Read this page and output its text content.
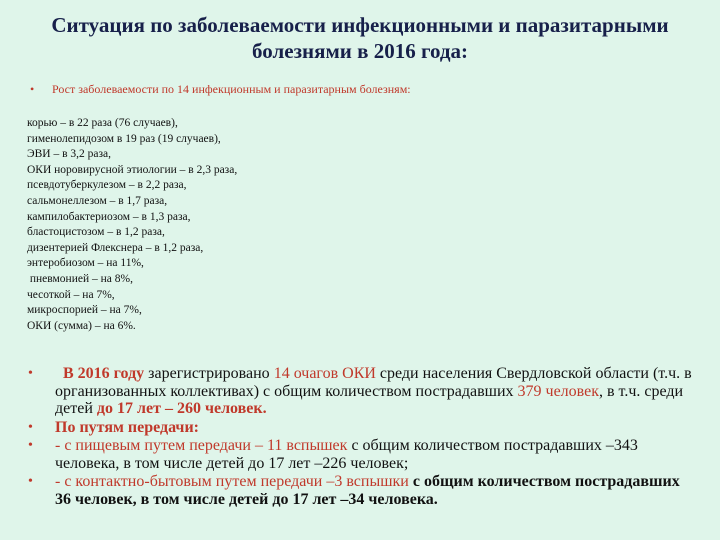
Ситуация по заболеваемости инфекционными и паразитарными
болезнями в 2016 года:
• Рост заболеваемости по 14 инфекционным и паразитарным болезням:
корью – в 22 раза (76 случаев),
гименолепидозом в 19 раз (19 случаев),
ЭВИ – в 3,2 раза,
ОКИ норовирусной этиологии – в 2,3 раза,
псевдотуберкулезом – в 2,2 раза,
сальмонеллезом – в 1,7 раза,
кампилобактериозом – в 1,3 раза,
бластоцистозом – в 1,2 раза,
дизентерией Флекснера – в 1,2 раза,
энтеробиозом – на 11%,
пневмонией – на 8%,
чесоткой – на 7%,
микроспорией – на 7%,
ОКИ (сумма) – на 6%.
• В 2016 году зарегистрировано 14 очагов ОКИ среди населения Свердловской области (т.ч. в организованных коллективах) с общим количеством пострадавших 379 человек, в т.ч. среди детей до 17 лет – 260 человек.
• По путям передачи:
• - с пищевым путем передачи – 11 вспышек с общим количеством пострадавших –343 человека, в том числе детей до 17 лет –226 человек;
• - с контактно-бытовым путем передачи –3 вспышки с общим количеством пострадавших 36 человек, в том числе детей до 17 лет –34 человека.
